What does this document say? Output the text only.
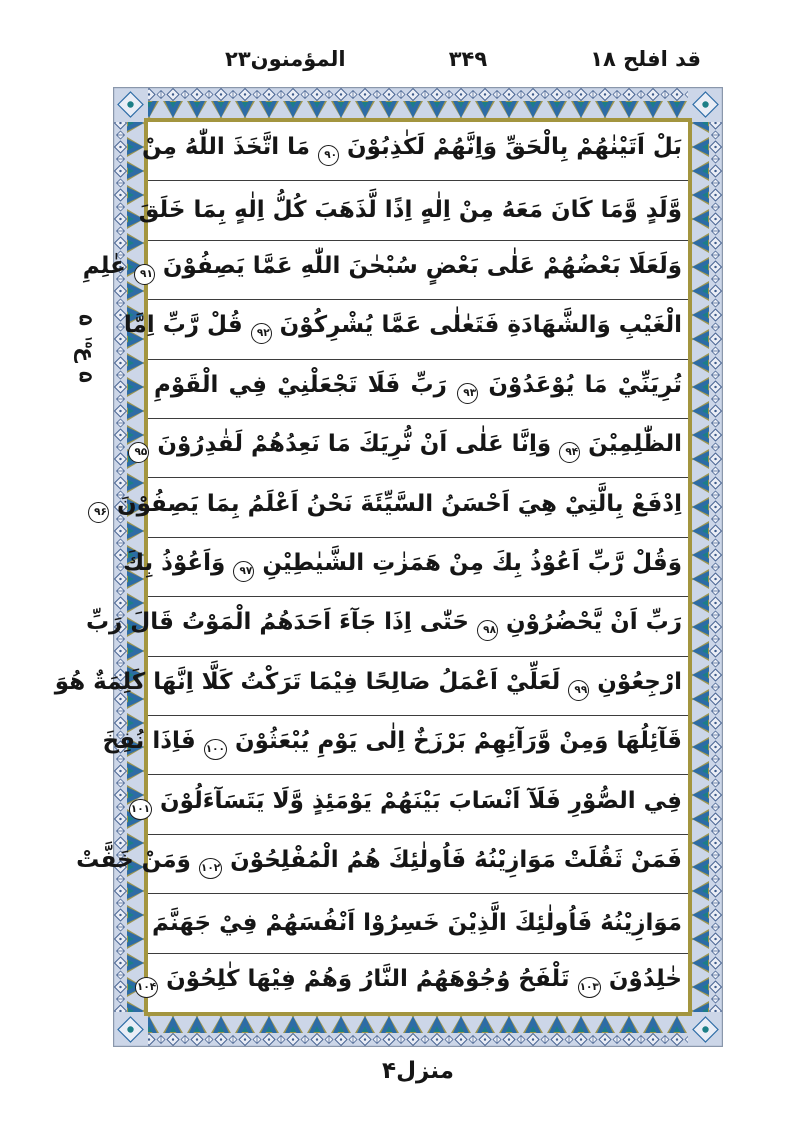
المؤمنون۲۳	۳۴۹	قد افلح ۱۸
بَلْ اَتَيْنٰهُمْ بِالْحَقِّ وَاِنَّهُمْ لَكٰذِبُوْنَ ۹۰ مَا اتَّخَذَ اللّٰهُ مِنْ
وَّلَدٍ وَّمَا كَانَ مَعَهُ مِنْ اِلٰهٍ اِذًا لَّذَهَبَ كُلُّ اِلٰهٍ بِمَا خَلَقَ
وَلَعَلَا بَعْضُهُمْ عَلٰى بَعْضٍ سُبْحٰنَ اللّٰهِ عَمَّا يَصِفُوْنَ ۹۱ عٰلِمِ
الْغَيْبِ وَالشَّهَادَةِ فَتَعٰلٰى عَمَّا يُشْرِكُوْنَ ۹۲ قُلْ رَّبِّ اِمَّا
تُرِيَنِّيْ مَا يُوْعَدُوْنَ ۹۳ رَبِّ فَلَا تَجْعَلْنِيْ فِي الْقَوْمِ
الظّٰلِمِيْنَ ۹۴ وَاِنَّا عَلٰى اَنْ نُّرِيَكَ مَا نَعِدُهُمْ لَقٰدِرُوْنَ ۹۵
اِدْفَعْ بِالَّتِيْ هِيَ اَحْسَنُ السَّيِّئَةَ نَحْنُ اَعْلَمُ بِمَا يَصِفُوْنَ ۹۶
وَقُلْ رَّبِّ اَعُوْذُ بِكَ مِنْ هَمَزٰتِ الشَّيٰطِيْنِ ۹۷ وَاَعُوْذُ بِكَ
رَبِّ اَنْ يَّحْضُرُوْنِ ۹۸ حَتّٰى اِذَا جَآءَ اَحَدَهُمُ الْمَوْتُ قَالَ رَبِّ
ارْجِعُوْنِ ۹۹ لَعَلِّيْ اَعْمَلُ صَالِحًا فِيْمَا تَرَكْتُ كَلَّا اِنَّهَا كَلِمَةٌ هُوَ
قَآئِلُهَا وَمِنْ وَّرَآئِهِمْ بَرْزَخٌ اِلٰى يَوْمِ يُبْعَثُوْنَ ۱۰۰ فَاِذَا نُفِخَ
فِي الصُّوْرِ فَلَآ اَنْسَابَ بَيْنَهُمْ يَوْمَئِذٍ وَّلَا يَتَسَآءَلُوْنَ ۱۰۱
فَمَنْ ثَقُلَتْ مَوَازِيْنُهُ فَاُولٰئِكَ هُمُ الْمُفْلِحُوْنَ ۱۰۲ وَمَنْ خَفَّتْ
مَوَازِيْنُهُ فَاُولٰئِكَ الَّذِيْنَ خَسِرُوْا اَنْفُسَهُمْ فِيْ جَهَنَّمَ
خٰلِدُوْنَ ۱۰۳ تَلْفَحُ وُجُوْهَهُمُ النَّارُ وَهُمْ فِيْهَا كٰلِحُوْنَ ۱۰۴
۵
ع$^{۱۵}$
۵
منزل۴
